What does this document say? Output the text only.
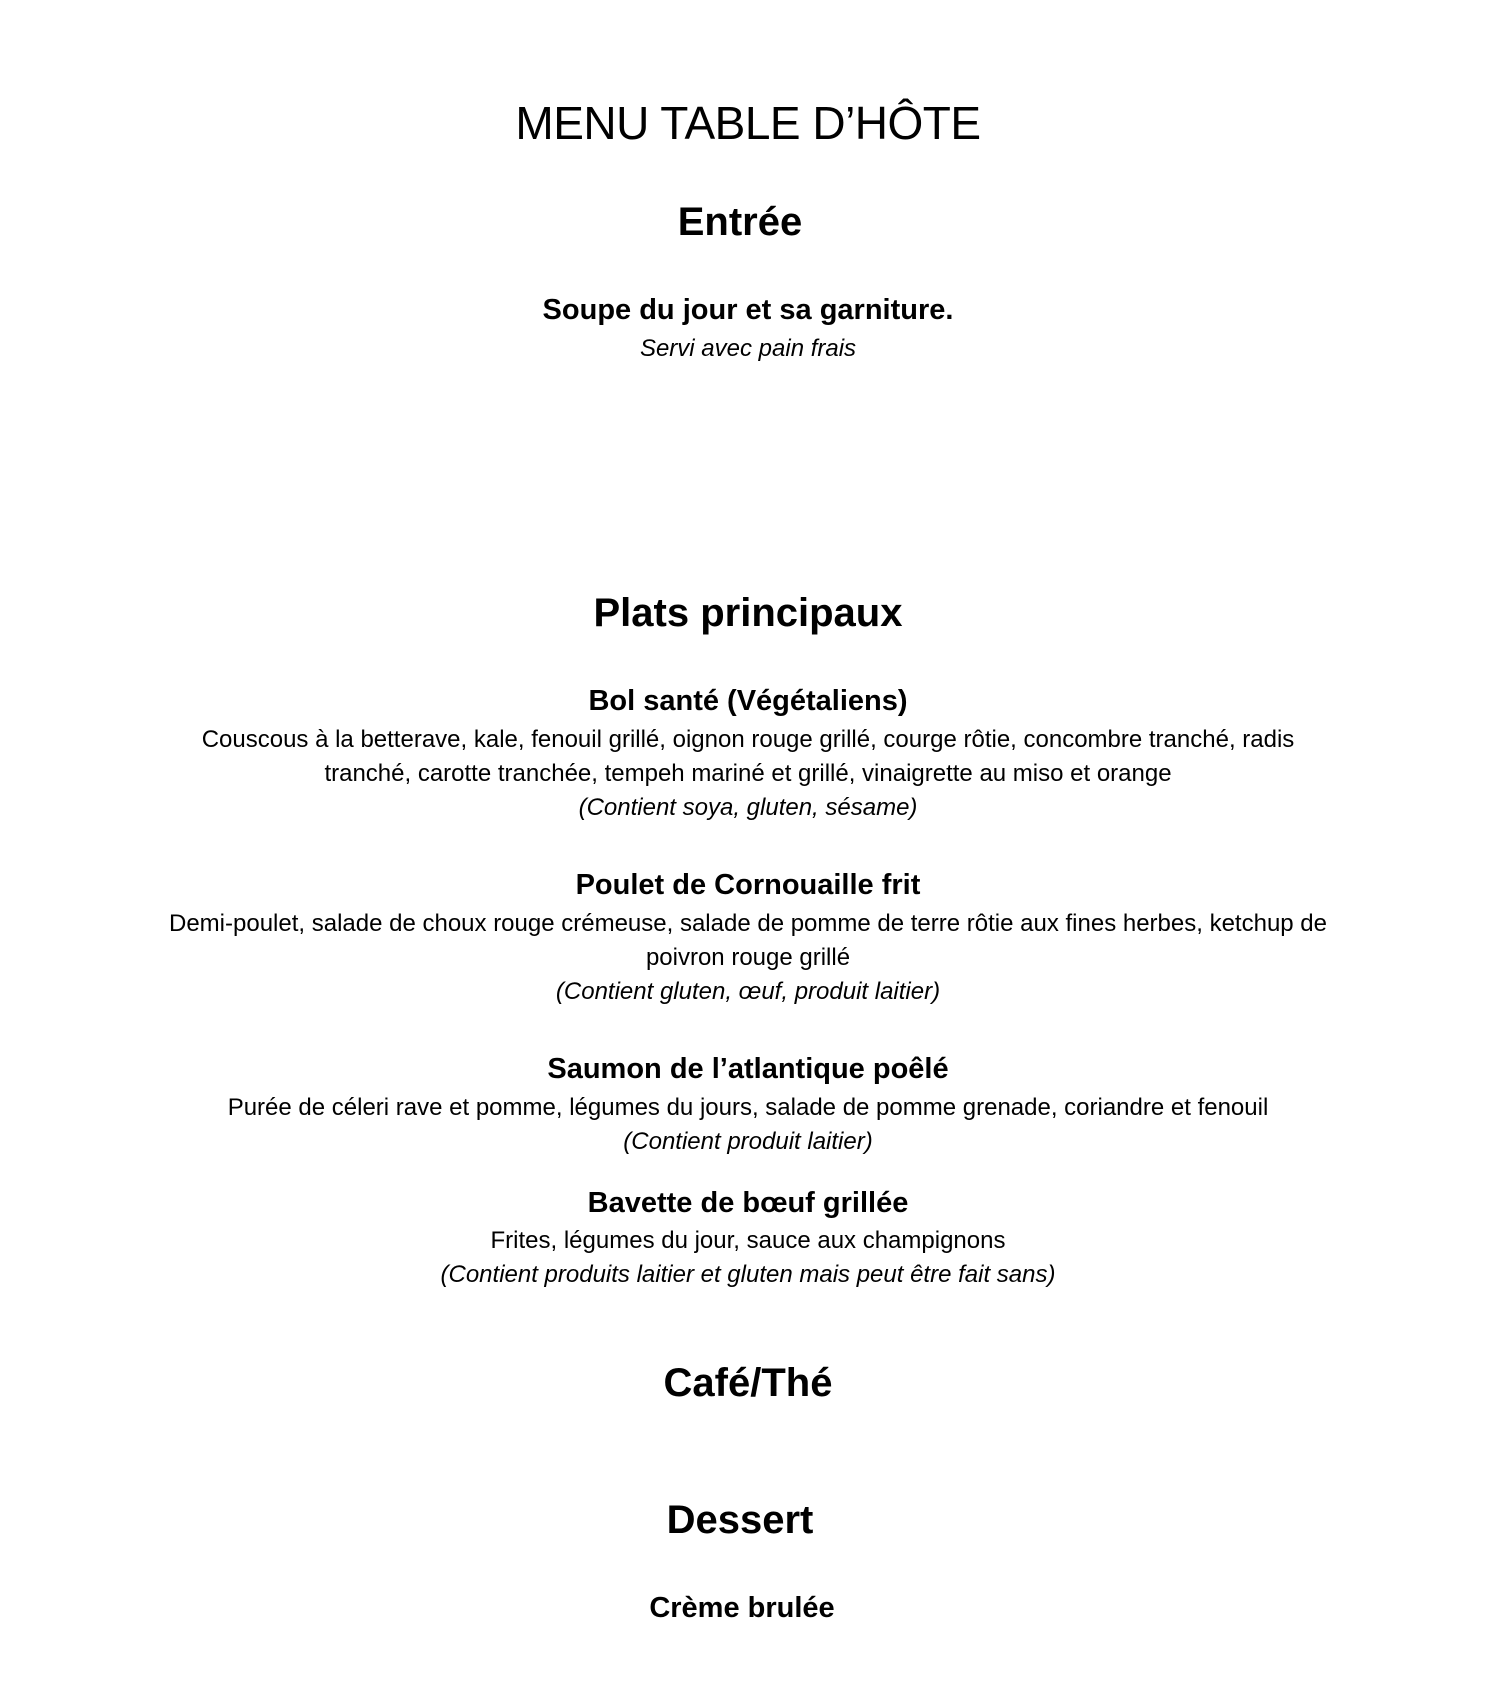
MENU TABLE D’HÔTE
Entrée
Soupe du jour et sa garniture.
Servi avec pain frais
Plats principaux
Bol santé (Végétaliens)
Couscous à la betterave, kale, fenouil grillé, oignon rouge grillé, courge rôtie, concombre tranché, radis
tranché, carotte tranchée, tempeh mariné et grillé, vinaigrette au miso et orange
(Contient soya, gluten, sésame)
Poulet de Cornouaille frit
Demi-poulet, salade de choux rouge crémeuse, salade de pomme de terre rôtie aux fines herbes, ketchup de
poivron rouge grillé
(Contient gluten, œuf, produit laitier)
Saumon de l’atlantique poêlé
Purée de céleri rave et pomme, légumes du jours, salade de pomme grenade, coriandre et fenouil
(Contient produit laitier)
Bavette de bœuf grillée
Frites, légumes du jour, sauce aux champignons
(Contient produits laitier et gluten mais peut être fait sans)
Café/Thé
Dessert
Crème brulée
